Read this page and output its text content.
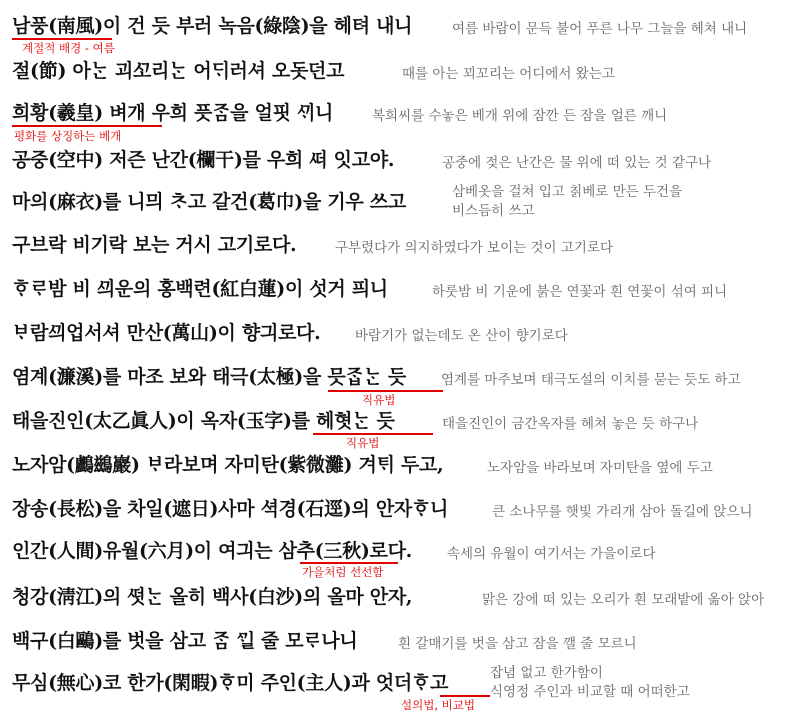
남풍(南風)이 건 듯 부러 녹음(綠陰)을 헤텨 내니	여름 바람이 문득 불어 푸른 나무 그늘을 헤쳐 내니
절(節) 아ᄂᆞᆫ 괴ᄭᅩ리ᄂᆞᆫ 어ᄃᆡ러셔 오돗던고	때를 아는 꾀꼬리는 어디에서 왔는고
희황(羲皇) 벼개 우희 픗ᄌᆞᆷ을 얼핏 ᄭᆡ니	복희씨를 수놓은 베개 위에 잠깐 든 잠을 얼른 깨니
공중(空中) 저즌 난간(欄干)믈 우희 ᄯᅥ 잇고야.	공중에 젖은 난간은 물 위에 떠 있는 것 같구나
마의(麻衣)를 니믜 ᄎᆞ고 갈건(葛巾)을 기우 쓰고	삼베옷을 걸쳐 입고 칡베로 만든 두건을
비스듬히 쓰고
구브락 비기락 보는 거시 고기로다.	구부렸다가 의지하였다가 보이는 것이 고기로다
ᄒᆞᄅᆞ밤 비 ᄭᅴ운의 홍백련(紅白蓮)이 섯거 픠니	하룻밤 비 기운에 붉은 연꽃과 흰 연꽃이 섞여 피니
ᄇᆞ람ᄭᅴ업서셔 만산(萬山)이 향긔로다.	바람기가 없는데도 온 산이 향기로다
염계(濂溪)를 마조 보와 태극(太極)을 믓ᄌᆞᆸᄂᆞᆫ 듯	염계를 마주보며 태극도설의 이치를 묻는 듯도 하고
태을진인(太乙眞人)이 옥자(玉字)를 헤혓ᄂᆞᆫ 듯	태을진인이 금간옥자를 헤쳐 놓은 듯 하구나
노자암(鸕鷀巖) ᄇᆞ라보며 자미탄(紫微灘) 겨ᄐᆡ 두고,	노자암을 바라보며 자미탄을 옆에 두고
장송(長松)을 차일(遮日)사마 셕경(石逕)의 안자ᄒᆞ니	큰 소나무를 햇빛 가리개 삼아 돌길에 앉으니
인간(人間)유월(六月)이 여긔는 삼추(三秋)로다.	속세의 유월이 여기서는 가을이로다
청강(淸江)의 ᄯᅥᆺᄂᆞᆫ 올히 백사(白沙)의 올마 안자,	맑은 강에 떠 있는 오리가 흰 모래밭에 옮아 앉아
백구(白鷗)를 벗을 삼고 ᄌᆞᆷ ᄭᆡᆯ 줄 모ᄅᆞ나니	흰 갈매기를 벗을 삼고 잠을 깰 줄 모르니
무심(無心)코 한가(閑暇)ᄒᆞ미 주인(主人)과 엇더ᄒᆞ고	잡념 없고 한가함이
식영정 주인과 비교할 때 어떠한고
계절적 배경 - 여름
평화를 상징하는 베개
직유법
직유법
가을처럼 선선함
설의법, 비교법
